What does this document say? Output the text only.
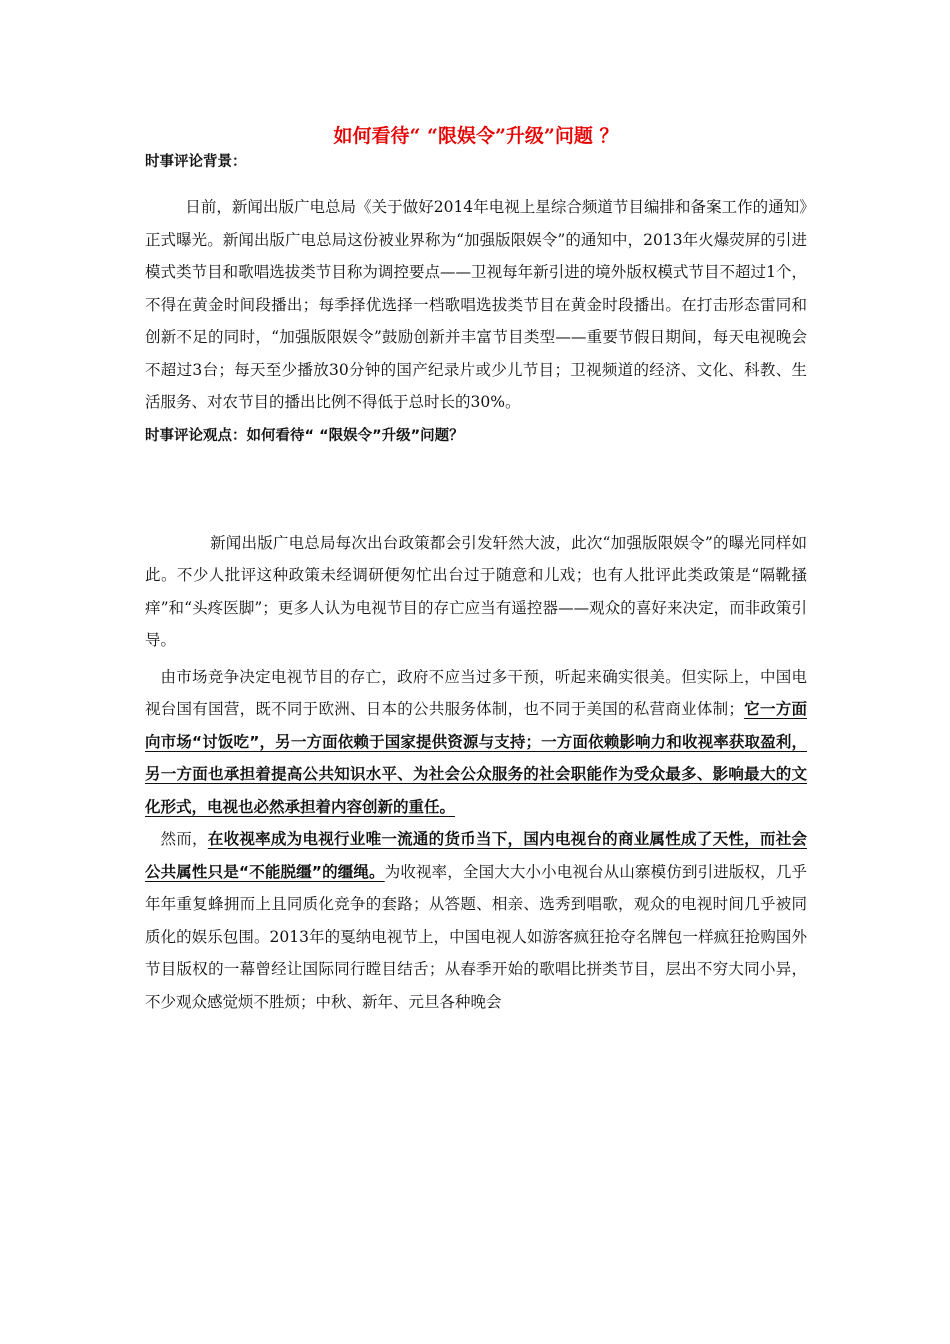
如何看待“ “限娱令”升级”问题 ？

时事评论背景：

日前，新闻出版广电总局《关于做好2014年电视上星综合频道节目编排和备案工作的通知》正式曝光。新闻出版广电总局这份被业界称为“加强版限娱令”的通知中，2013年火爆荧屏的引进模式类节目和歌唱选拔类节目称为调控要点——卫视每年新引进的境外版权模式节目不超过1个，不得在黄金时间段播出；每季择优选择一档歌唱选拔类节目在黄金时段播出。在打击形态雷同和创新不足的同时，“加强版限娱令”鼓励创新并丰富节目类型——重要节假日期间，每天电视晚会不超过3台；每天至少播放30分钟的国产纪录片或少儿节目；卫视频道的经济、文化、科教、生活服务、对农节目的播出比例不得低于总时长的30%。

时事评论观点：如何看待“ “限娱令”升级”问题？

新闻出版广电总局每次出台政策都会引发轩然大波，此次“加强版限娱令”的曝光同样如此。不少人批评这种政策未经调研便匆忙出台过于随意和儿戏；也有人批评此类政策是“隔靴搔痒”和“头疼医脚”；更多人认为电视节目的存亡应当有遥控器——观众的喜好来决定，而非政策引导。

由市场竞争决定电视节目的存亡，政府不应当过多干预，听起来确实很美。但实际上，中国电视台国有国营，既不同于欧洲、日本的公共服务体制，也不同于美国的私营商业体制；它一方面向市场“讨饭吃”，另一方面依赖于国家提供资源与支持；一方面依赖影响力和收视率获取盈利，另一方面也承担着提高公共知识水平、为社会公众服务的社会职能作为受众最多、影响最大的文化形式，电视也必然承担着内容创新的重任。

然而，在收视率成为电视行业唯一流通的货币当下，国内电视台的商业属性成了天性，而社会公共属性只是“不能脱缰”的缰绳。为收视率，全国大大小小电视台从山寨模仿到引进版权，几乎年年重复蜂拥而上且同质化竞争的套路；从答题、相亲、选秀到唱歌，观众的电视时间几乎被同质化的娱乐包围。2013年的戛纳电视节上，中国电视人如游客疯狂抢夺名牌包一样疯狂抢购国外节目版权的一幕曾经让国际同行瞠目结舌；从春季开始的歌唱比拼类节目，层出不穷大同小异，不少观众感觉烦不胜烦；中秋、新年、元旦各种晚会
